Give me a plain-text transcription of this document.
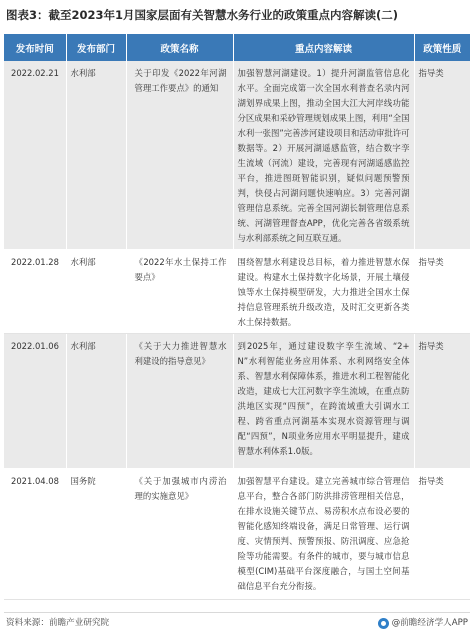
图表3：截至2023年1月国家层面有关智慧水务行业的政策重点内容解读(二)
发布时间	发布部门	政策名称	重点内容解读	政策性质
2022.02.21	水利部	关于印发《2022年河湖管理工作要点》的通知	加强智慧河湖建设。1）提升河湖监管信息化水平。全面完成第一次全国水利普查名录内河湖划界成果上图，推动全国大江大河岸线功能分区成果和采砂管理规划成果上图，利用“全国水利一张图”完善涉河建设项目和活动审批许可数据等。2）开展河湖遥感监管，结合数字孪生流域（河流）建设，完善现有河湖遥感监控平台，推进图斑智能识别，疑似问题预警预判，快侵占河湖问题快速响应。3）完善河湖管理信息系统。完善全国河湖长制管理信息系统、河湖管理督查APP，优化完善各省级系统与水利部系统之间互联互通。	指导类
2022.01.28	水利部	《2022年水土保持工作要点》	围绕智慧水利建设总目标，着力推进智慧水保建设。构建水土保持数字化场景，开展土壤侵蚀等水土保持模型研发，大力推进全国水土保持信息管理系统升级改造，及时汇交更新各类水土保持数据。	指导类
2022.01.06	水利部	《关于大力推进智慧水利建设的指导意见》	到2025年，通过建设数字孪生流域、“2+N”水利智能业务应用体系、水利网络安全体系、智慧水利保障体系，推进水利工程智能化改造，建成七大江河数字孪生流域，在重点防洪地区实现“四预”，在跨流域重大引调水工程、跨省重点河湖基本实现水资源管理与调配“四预”，N项业务应用水平明显提升，建成智慧水利体系1.0版。	指导类
2021.04.08	国务院	《关于加强城市内涝治理的实施意见》	加强智慧平台建设。建立完善城市综合管理信息平台，整合各部门防洪排涝管理相关信息，在排水设施关键节点、易涝积水点布设必要的智能化感知终端设备，满足日常管理、运行调度、灾情预判、预警预报、防汛调度、应急抢险等功能需要。有条件的城市，要与城市信息模型(CIM)基础平台深度融合，与国土空间基础信息平台充分衔接。	指导类
资料来源：前瞻产业研究院	@前瞻经济学人APP
